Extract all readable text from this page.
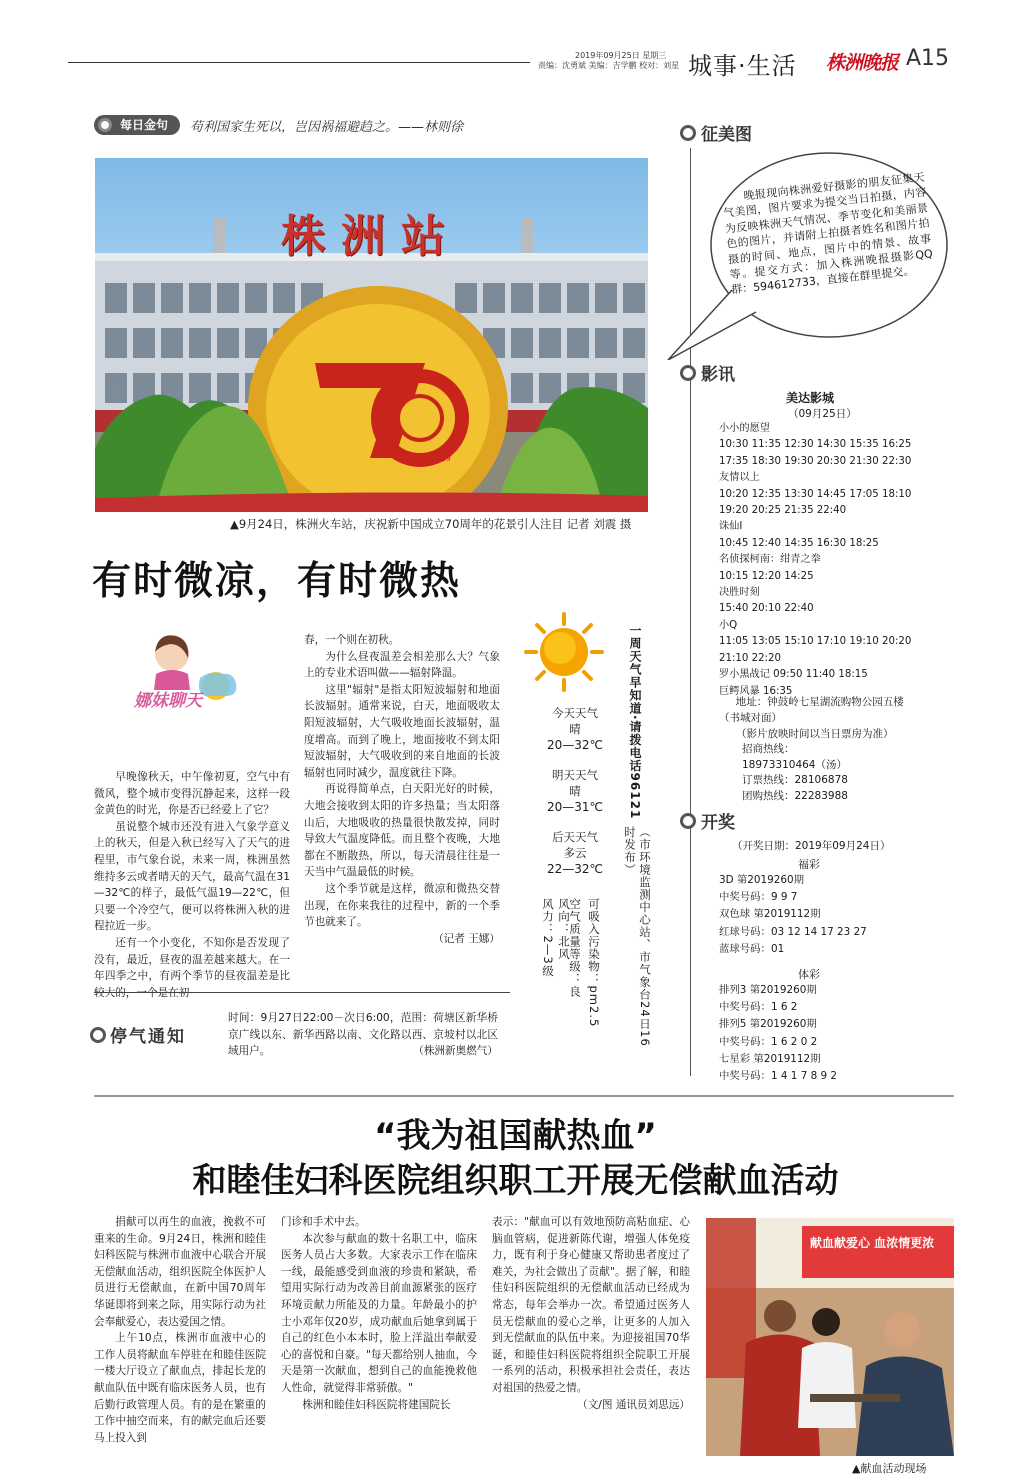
2019年09月25日 星期三
责编：沈勇斌 美编：吉学鹏 校对：刘星 城事·生活 株洲晚报 A15
每日金句	苟利国家生死以，岂因祸福避趋之。——林则徐
株洲站
1949 — 2019
▲9月24日，株洲火车站，庆祝新中国成立70周年的花景引人注目 记者 刘震 摄
有时微凉，有时微热
娜妹聊天

早晚像秋天，中午像初夏，空气中有微风，整个城市变得沉静起来，这样一段金黄色的时光，你是否已经爱上了它？

虽说整个城市还没有进入气象学意义上的秋天，但是入秋已经写入了天气的进程里，市气象台说，未来一周，株洲虽然维持多云或者晴天的天气，最高气温在31—32℃的样子，最低气温19—22℃，但只要一个冷空气，便可以将株洲入秋的进程拉近一步。

还有一个小变化，不知你是否发现了没有，最近，昼夜的温差越来越大。在一年四季之中，有两个季节的昼夜温差是比

春，一个则在初秋。

为什么昼夜温差会相差那么大？气象上的专业术语叫做——辐射降温。

这里"辐射"是指太阳短波辐射和地面长波辐射。通常来说，白天，地面吸收太阳短波辐射，大气吸收地面长波辐射，温度增高。而到了晚上，地面接收不到太阳短波辐射，大气吸收到的来自地面的长波辐射也同时减少，温度就往下降。

再说得简单点，白天阳光好的时候，大地会接收到太阳的许多热量；当太阳落山后，大地吸收的热量很快散发掉，同时导致大气温度降低。而且整个夜晚，大地都在不断散热，所以，每天清晨往往是一天当中气温最低的时候。

这个季节就是这样，微凉和微热交替出现，在你来我往的过程中，新的一个季节也就来了。

（记者 王娜）

今天天气
晴
20—32℃
明天天气
晴
20—31℃
后天天气
多云
22—32℃
可吸入污染物：pm2.5
空气质量等级：良
风向：北风
风力：2—3级
一周天气早知道·请拨电话96121
（市环境监测中心站、市气象台24日16时发布）
停气通知
时间：9月27日22:00－次日6:00，范围：荷塘区新华桥京广线以东、新华西路以南、文化路以西、京坡村以北区域用户。	（株洲新奥燃气）
征美图
晚报现向株洲爱好摄影的朋友征集天气美图，图片要求为提交当日拍摄，内容为反映株洲天气情况、季节变化和美丽景色的图片，并请附上拍摄者姓名和图片拍摄的时间、地点，图片中的情景、故事等。提交方式：加入株洲晚报摄影QQ群：594612733，直接在群里提交。
影讯
美达影城
（09月25日）
小小的愿望
10:30 11:35 12:30 14:30 15:35 16:25
17:35 18:30 19:30 20:30 21:30 22:30
友情以上
10:20 12:35 13:30 14:45 17:05 18:10
19:20 20:25 21:35 22:40
诛仙Ⅰ
10:45 12:40 14:35 16:30 18:25
名侦探柯南：绀青之拳
10:15 12:20 14:25
决胜时刻
15:40 20:10 22:40
小Q
11:05 13:05 15:10 17:10 19:10 20:20
21:10 22:20
罗小黑战记 09:50 11:40 18:15
巨鳄风暴 16:35
地址：钟鼓岭七星湖流购物公园五楼（书城对面）
（影片放映时间以当日票房为准）
招商热线：
18973310464（汤）
订票热线：28106878
团购热线：22283988
开奖
（开奖日期：2019年09月24日）
福彩
3D 第2019260期
中奖号码：9 9 7
双色球 第2019112期
红球号码：03 12 14 17 23 27
蓝球号码：01
体彩
排列3 第2019260期
中奖号码：1 6 2
排列5 第2019260期
中奖号码：1 6 2 0 2
七星彩 第2019112期
中奖号码：1 4 1 7 8 9 2
“我为祖国献热血”
和睦佳妇科医院组织职工开展无偿献血活动

捐献可以再生的血液，挽救不可重来的生命。9月24日，株洲和睦佳妇科医院与株洲市血液中心联合开展无偿献血活动，组织医院全体医护人员进行无偿献血，在新中国70周年华诞即将到来之际，用实际行动为社会奉献爱心，表达爱国之情。

上午10点，株洲市血液中心的工作人员将献血车停驻在和睦佳医院一楼大厅设立了献血点，排起长龙的献血队伍中既有临床医务人员，也有后勤行政管理人员。有的是在繁重的工作中抽空而来，有的献完血后还要马上投入到

门诊和手术中去。

本次参与献血的数十名职工中，临床医务人员占大多数。大家表示工作在临床一线，最能感受到血液的珍贵和紧缺，希望用实际行动为改善目前血源紧张的医疗环境贡献力所能及的力量。年龄最小的护士小邓年仅20岁，成功献血后她拿到属于自己的红色小本本时，脸上洋溢出奉献爱心的喜悦和自豪。"每天都给别人抽血，今天是第一次献血，想到自己的血能挽救他人性命，就觉得非常骄傲。"

株洲和睦佳妇科医院将建国院长

表示："献血可以有效地预防高粘血症、心脑血管病，促进新陈代谢，增强人体免疫力，既有利于身心健康又帮助患者度过了难关，为社会做出了贡献"。据了解，和睦佳妇科医院组织的无偿献血活动已经成为常态，每年会举办一次。希望通过医务人员无偿献血的爱心之举，让更多的人加入到无偿献血的队伍中来。为迎接祖国70华诞，和睦佳妇科医院将组织全院职工开展一系列的活动，积极承担社会责任，表达对祖国的热爱之情。

（文/图 通讯员刘思远）

献血献爱心 血浓情更浓
▲献血活动现场
